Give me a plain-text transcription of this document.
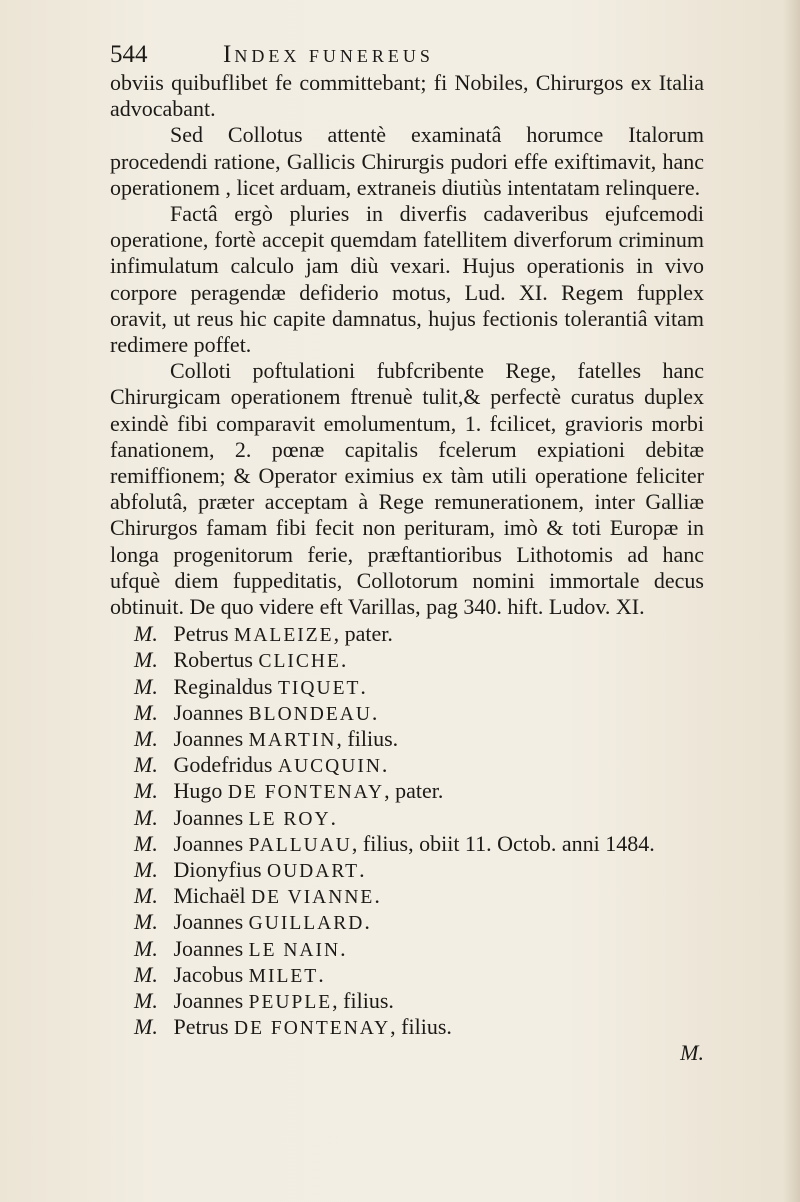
544	INDEX FUNEREUS

obviis quibuflibet fe committebant; fi Nobiles, Chirurgos ex Italia advocabant.

Sed Collotus attentè examinatâ horumce Italorum procedendi ratione, Gallicis Chirurgis pudori effe exiftimavit, hanc operationem , licet arduam, extraneis diutiùs intentatam relinquere.

Factâ ergò pluries in diverfis cadaveribus ejufcemodi operatione, fortè accepit quemdam fatellitem diverforum criminum infimulatum calculo jam diù vexari. Hujus operationis in vivo corpore peragendæ defiderio motus, Lud. XI. Regem fupplex oravit, ut reus hic capite damnatus, hujus fectionis tolerantiâ vitam redimere poffet.

Colloti poftulationi fubfcribente Rege, fatelles hanc Chirurgicam operationem ftrenuè tulit,& perfectè curatus duplex exindè fibi comparavit emolumentum, 1. fcilicet, gravioris morbi fanationem, 2. pœnæ capitalis fcelerum expiationi debitæ remiffionem; & Operator eximius ex tàm utili operatione feliciter abfolutâ, præter acceptam à Rege remunerationem, inter Galliæ Chirurgos famam fibi fecit non perituram, imò & toti Europæ in longa progenitorum ferie, præftantioribus Lithotomis ad hanc ufquè diem fuppeditatis, Collotorum nomini immortale decus obtinuit. De quo videre eft Varillas, pag 340. hift. Ludov. XI.

M. Petrus MALEIZE, pater.

M. Robertus CLICHE.

M. Reginaldus TIQUET.

M. Joannes BLONDEAU.

M. Joannes MARTIN, filius.

M. Godefridus AUCQUIN.

M. Hugo DE FONTENAY, pater.

M. Joannes LE ROY.

M. Joannes PALLUAU, filius, obiit 11. Octob. anni 1484.

M. Dionyfius OUDART.

M. Michaël DE VIANNE.

M. Joannes GUILLARD.

M. Joannes LE NAIN.

M. Jacobus MILET.

M. Joannes PEUPLE, filius.

M. Petrus DE FONTENAY, filius.

M.
